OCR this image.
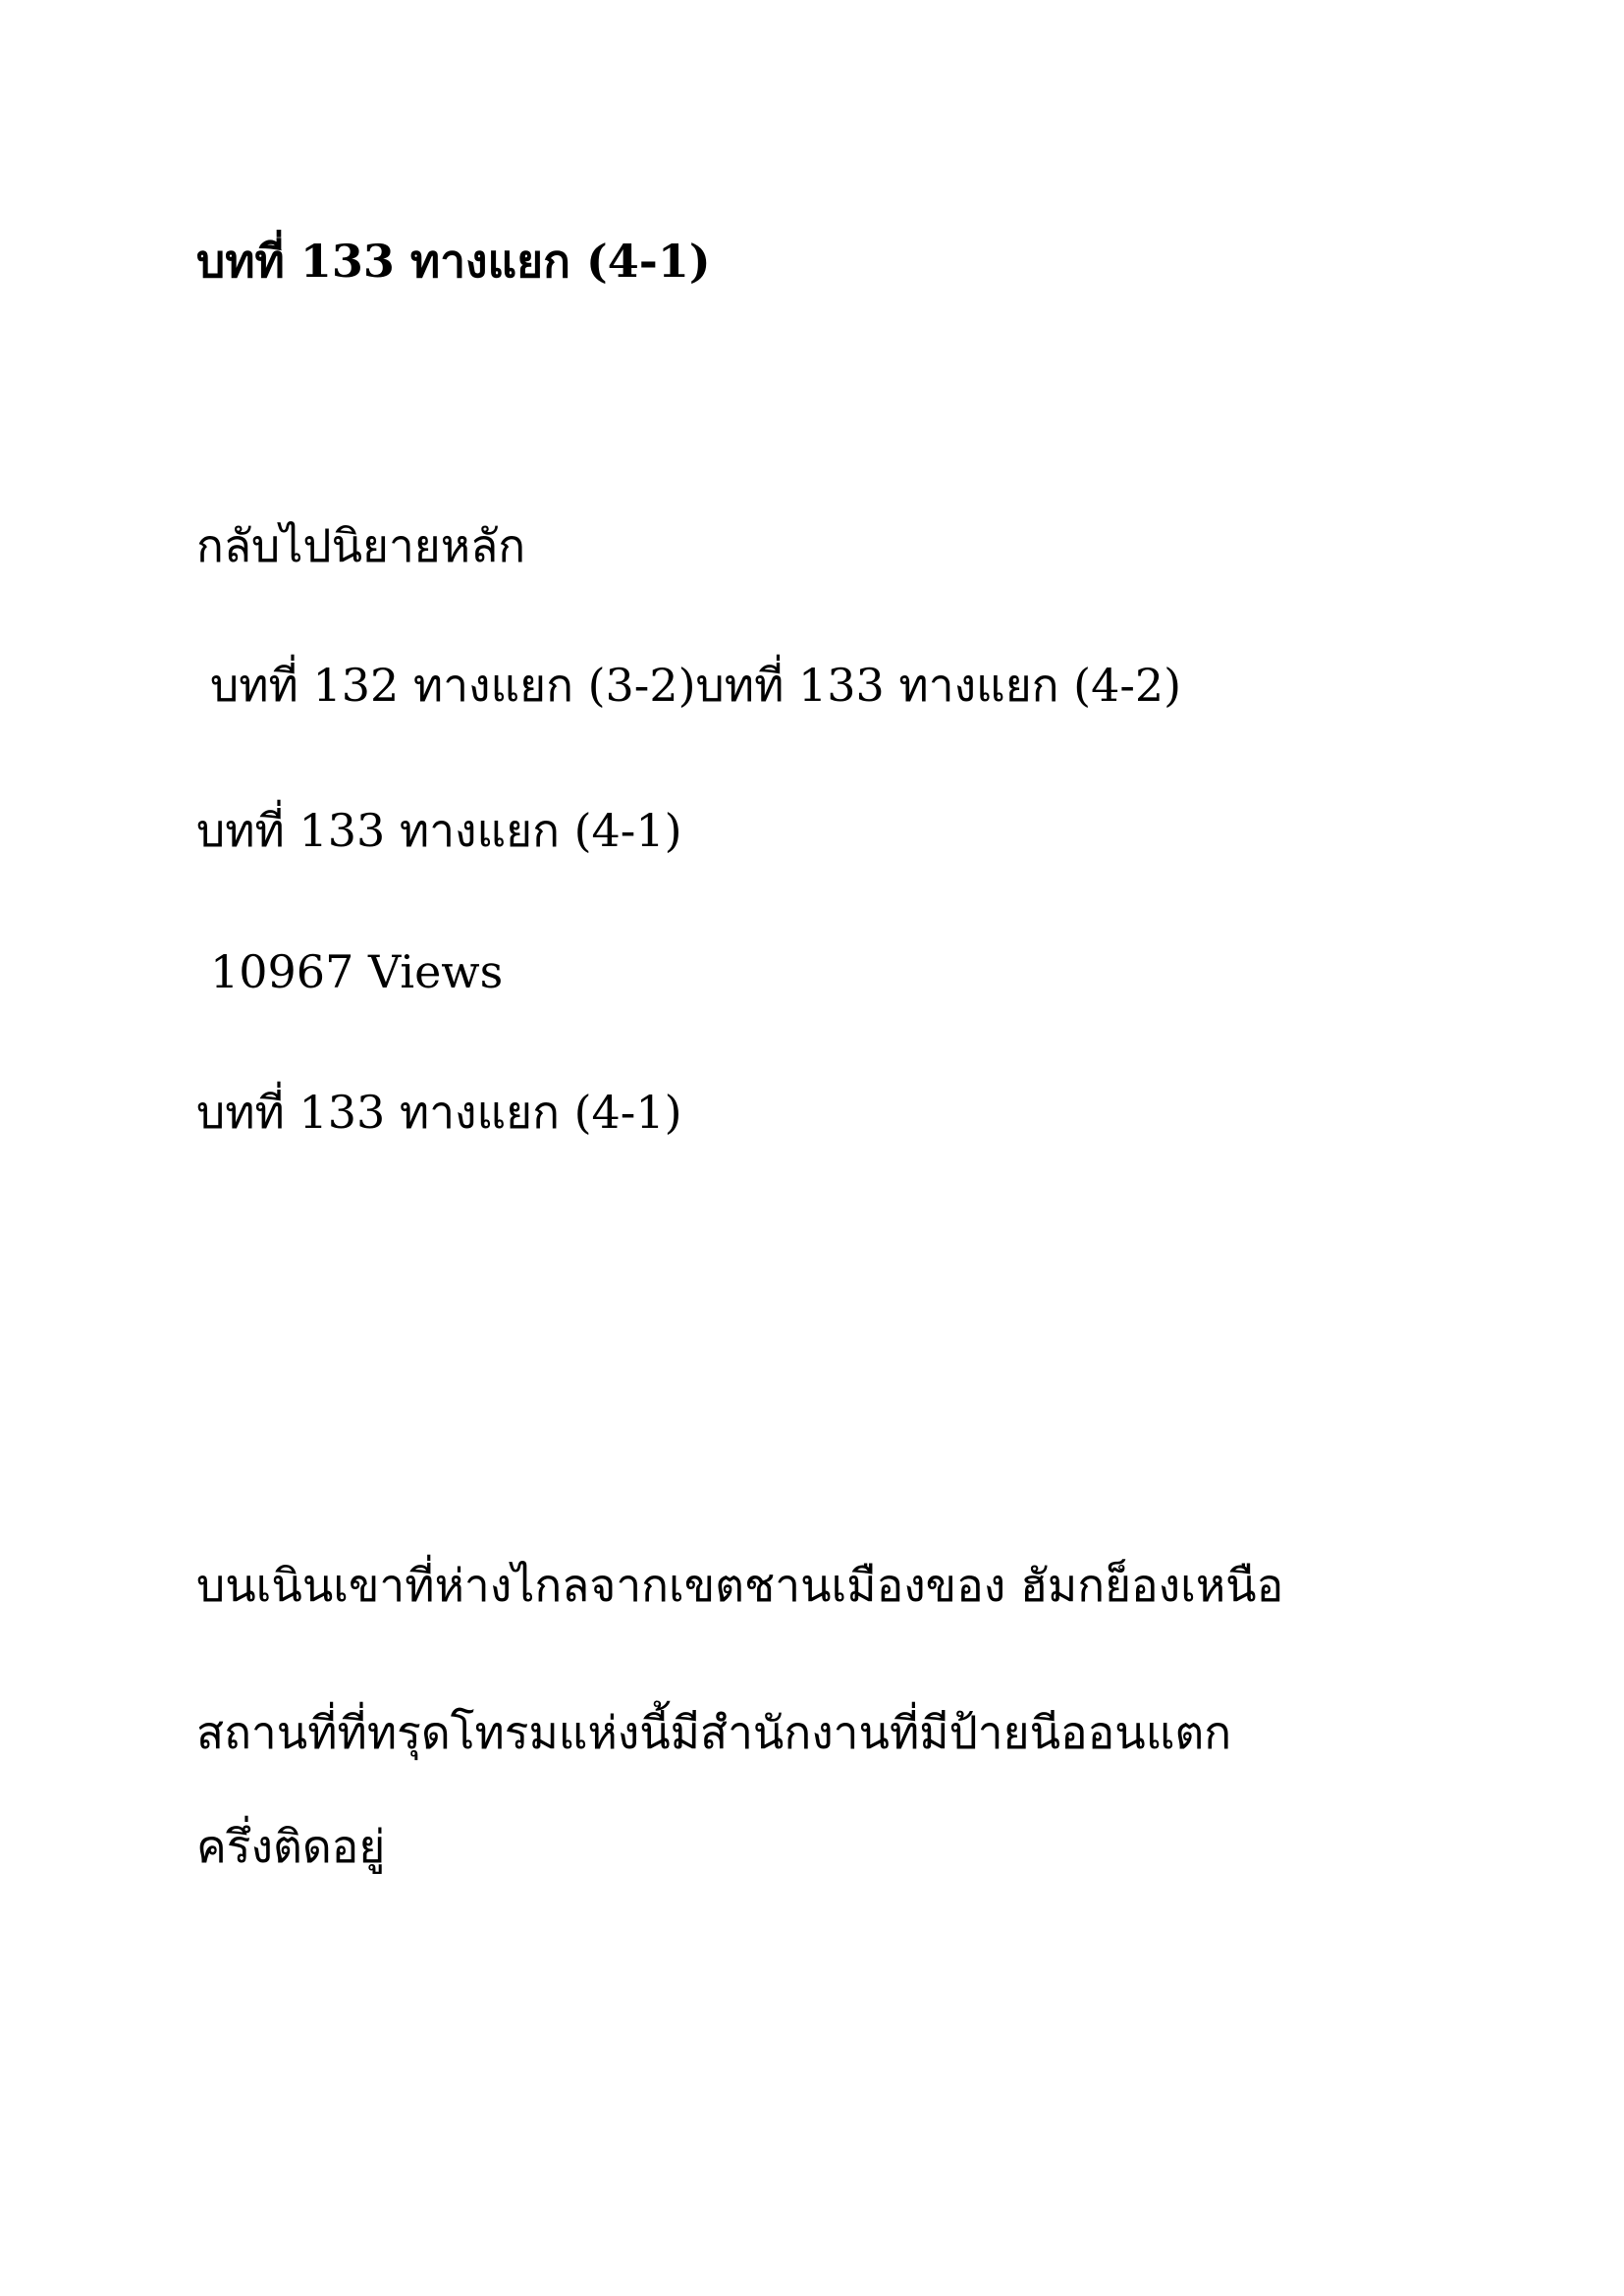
บทที่ 133 ทางแยก (4-1)
กลับไปนิยายหลัก
บทที่ 132 ทางแยก (3-2)บทที่ 133 ทางแยก (4-2)
บทที่ 133 ทางแยก (4-1)
10967 Views
บทที่ 133 ทางแยก (4-1)
บนเนินเขาที่ห่างไกลจากเขตชานเมืองของ ฮัมกย็องเหนือ
สถานที่ที่ทรุดโทรมแห่งนี้มีสำนักงานที่มีป้ายนีออนแตก
ครึ่งติดอยู่
